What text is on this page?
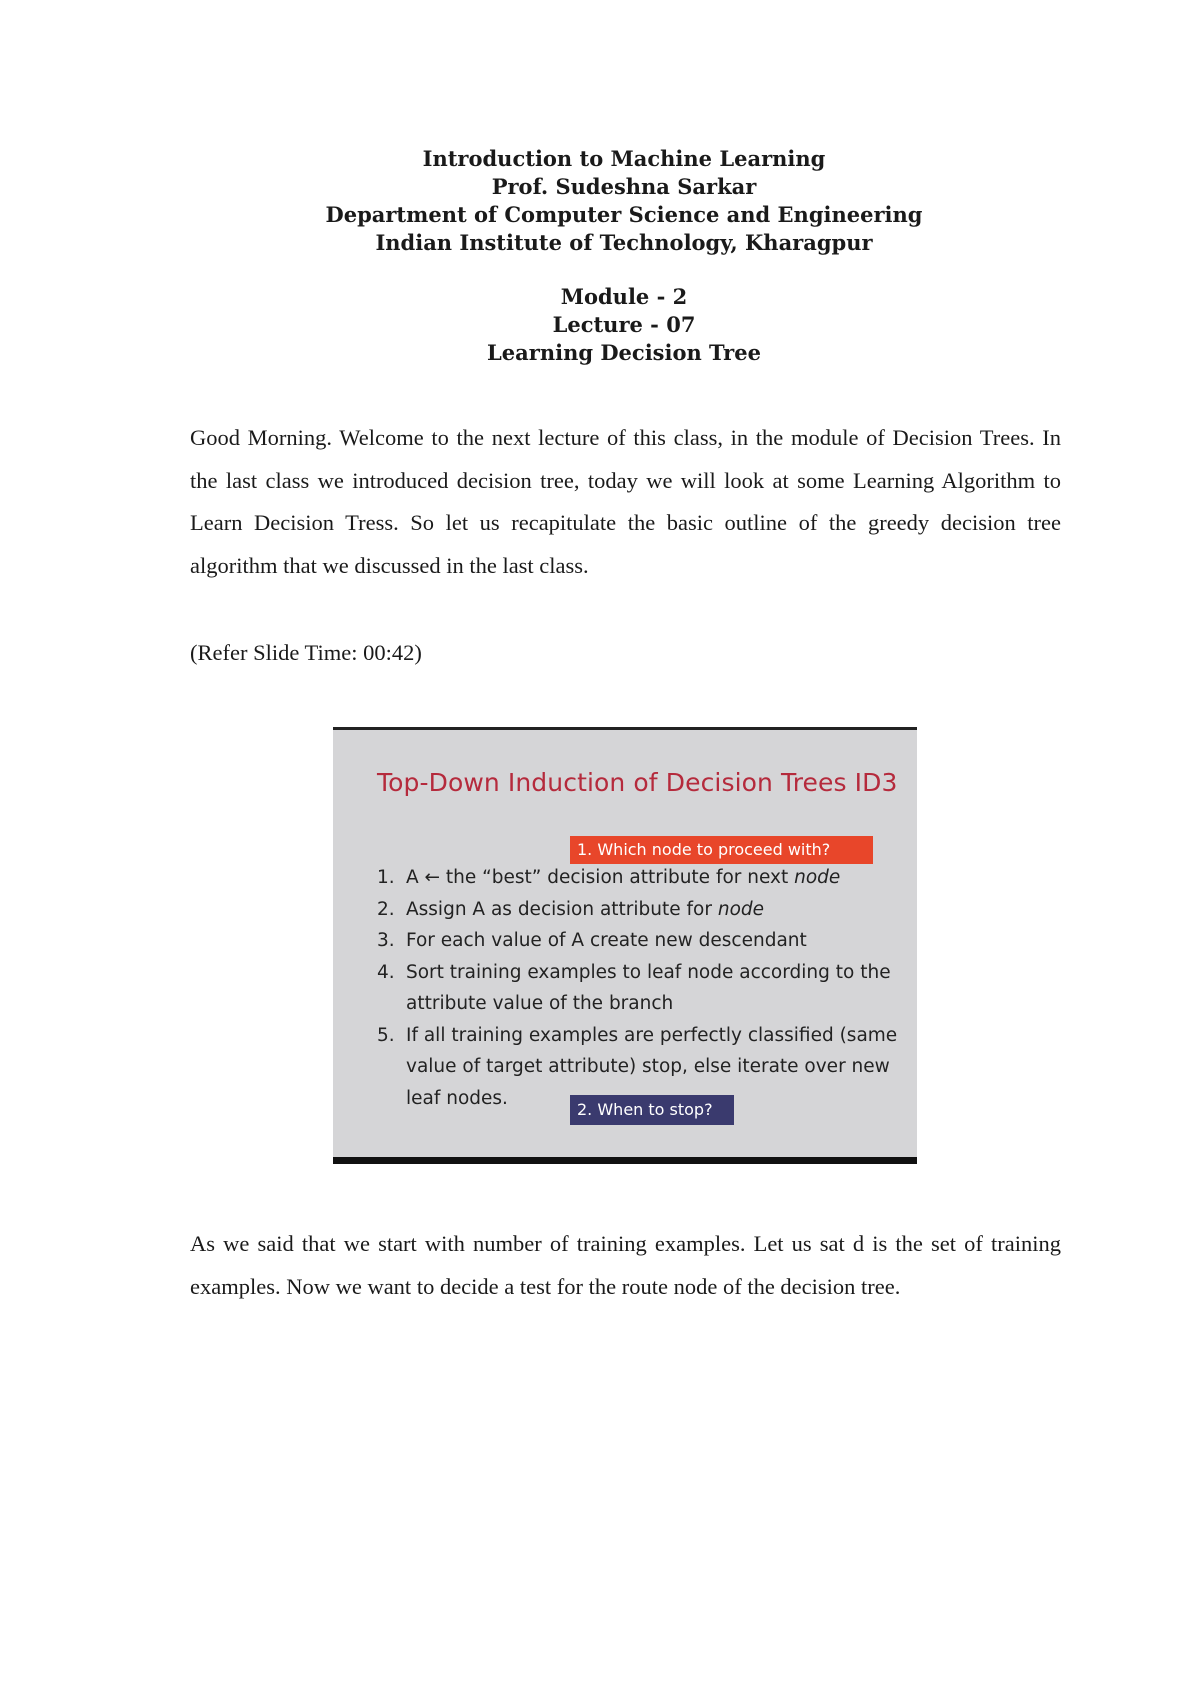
Introduction to Machine Learning
Prof. Sudeshna Sarkar
Department of Computer Science and Engineering
Indian Institute of Technology, Kharagpur
Module - 2
Lecture - 07
Learning Decision Tree

Good Morning. Welcome to the next lecture of this class, in the module of Decision Trees. In the last class we introduced decision tree, today we will look at some Learning Algorithm to Learn Decision Tress. So let us recapitulate the basic outline of the greedy decision tree algorithm that we discussed in the last class.

(Refer Slide Time: 00:42)

Top-Down Induction of Decision Trees ID3
1. A ← the “best” decision attribute for next node
2. Assign A as decision attribute for node
3. For each value of A create new descendant
4. Sort training examples to leaf node according to the
attribute value of the branch
5. If all training examples are perfectly classified (same
value of target attribute) stop, else iterate over new
leaf nodes.
1. Which node to proceed with?
2. When to stop?

As we said that we start with number of training examples. Let us sat d is the set of training examples. Now we want to decide a test for the route node of the decision tree.
